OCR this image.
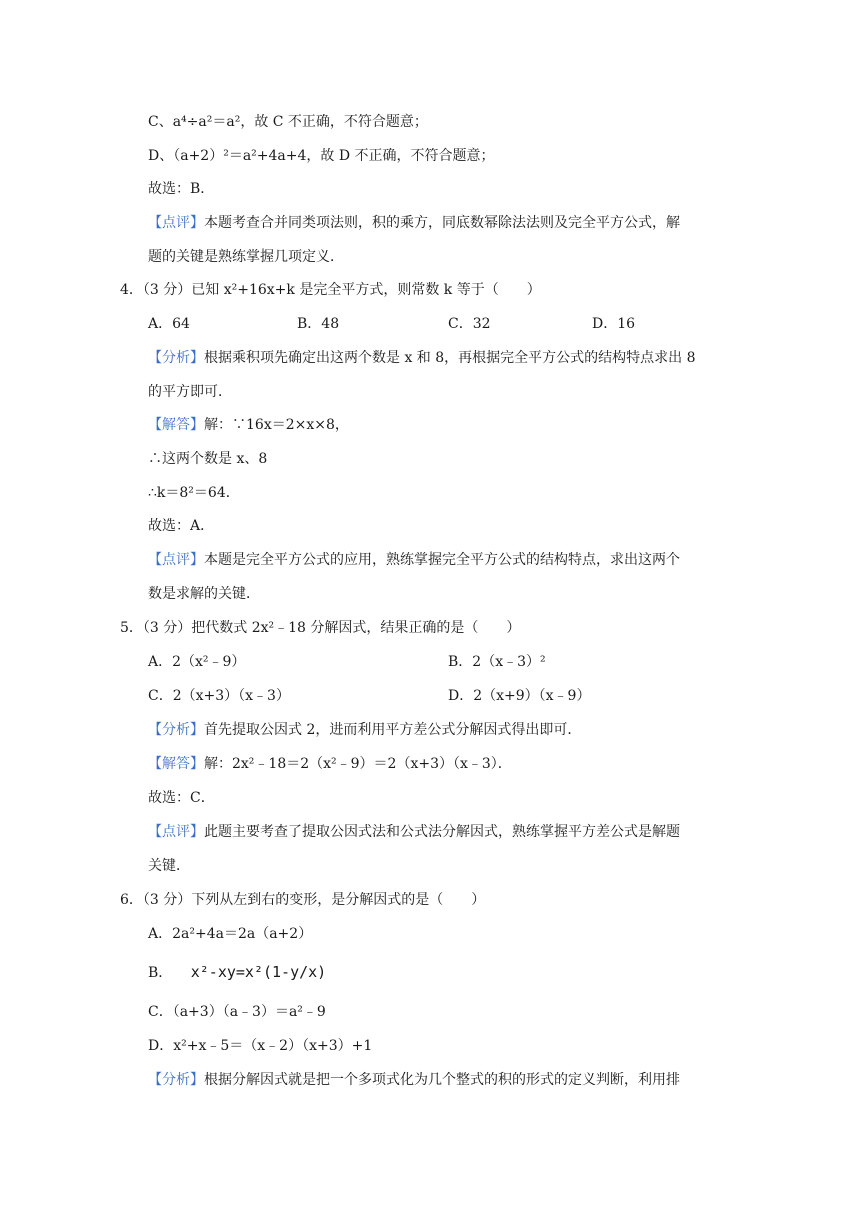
C、a⁴÷a²＝a²，故 C 不正确，不符合题意；
D、（a+2）²＝a²+4a+4，故 D 不正确，不符合题意；
故选：B．
【点评】本题考查合并同类项法则，积的乘方，同底数幂除法法则及完全平方公式，解
题的关键是熟练掌握几项定义．
4．（3 分）已知 x²+16x+k 是完全平方式，则常数 k 等于（　　）
A．64	B．48	C．32	D．16
【分析】根据乘积项先确定出这两个数是 x 和 8，再根据完全平方公式的结构特点求出 8
的平方即可．
【解答】解：∵16x＝2×x×8，
∴这两个数是 x、8
∴k＝8²＝64．
故选：A．
【点评】本题是完全平方公式的应用，熟练掌握完全平方公式的结构特点，求出这两个
数是求解的关键．
5．（3 分）把代数式 2x²﹣18 分解因式，结果正确的是（　　）
A．2（x²﹣9）	B．2（x﹣3）²
C．2（x+3）（x﹣3）	D．2（x+9）（x﹣9）
【分析】首先提取公因式 2，进而利用平方差公式分解因式得出即可．
【解答】解：2x²﹣18＝2（x²﹣9）＝2（x+3）（x﹣3）．
故选：C．
【点评】此题主要考查了提取公因式法和公式法分解因式，熟练掌握平方差公式是解题
关键．
6．（3 分）下列从左到右的变形，是分解因式的是（　　）
A．2a²+4a＝2a（a+2）
B． x²-xy=x²(1-y/x)
C．（a+3）（a﹣3）＝a²﹣9
D．x²+x﹣5＝（x﹣2）（x+3）+1
【分析】根据分解因式就是把一个多项式化为几个整式的积的形式的定义判断，利用排
